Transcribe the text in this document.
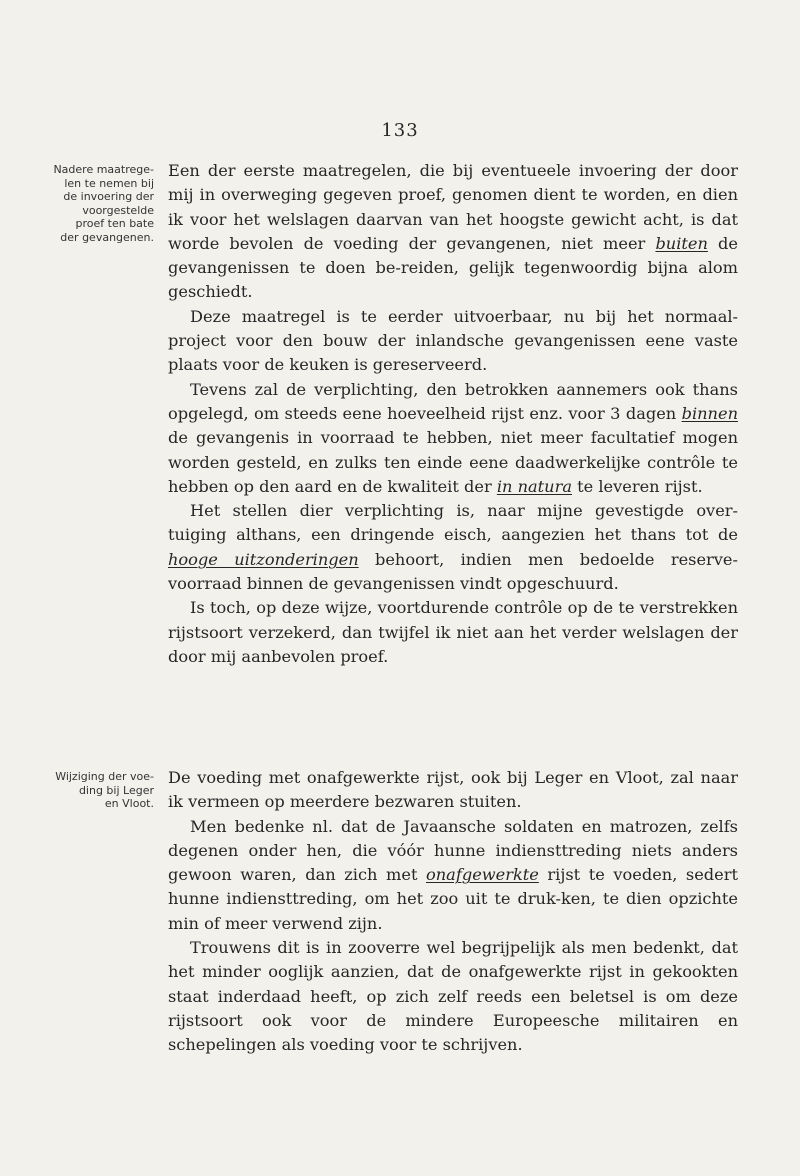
133
Nadere maatrege-
len te nemen bij
de invoering der
voorgestelde
proef ten bate
der gevangenen.

Een der eerste maatregelen, die bij eventueele invoering der door mij in overweging gegeven proef, genomen dient te worden, en dien ik voor het welslagen daarvan van het hoogste gewicht acht, is dat worde bevolen de voeding der gevangenen, niet meer buiten de gevangenissen te doen be-reiden, gelijk tegenwoordig bijna alom geschiedt.

Deze maatregel is te eerder uitvoerbaar, nu bij het normaal-project voor den bouw der inlandsche gevangenissen eene vaste plaats voor de keuken is gereserveerd.

Tevens zal de verplichting, den betrokken aannemers ook thans opgelegd, om steeds eene hoeveelheid rijst enz. voor 3 dagen binnen de gevangenis in voorraad te hebben, niet meer facultatief mogen worden gesteld, en zulks ten einde eene daadwerkelijke contrôle te hebben op den aard en de kwaliteit der in natura te leveren rijst.

Het stellen dier verplichting is, naar mijne gevestigde over-tuiging althans, een dringende eisch, aangezien het thans tot de hooge uitzonderingen behoort, indien men bedoelde reserve-voorraad binnen de gevangenissen vindt opgeschuurd.

Is toch, op deze wijze, voortdurende contrôle op de te verstrekken rijstsoort verzekerd, dan twijfel ik niet aan het verder welslagen der door mij aanbevolen proef.

Wijziging der voe-
ding bij Leger
en Vloot.

De voeding met onafgewerkte rijst, ook bij Leger en Vloot, zal naar ik vermeen op meerdere bezwaren stuiten.

Men bedenke nl. dat de Javaansche soldaten en matrozen, zelfs degenen onder hen, die vóór hunne indiensttreding niets anders gewoon waren, dan zich met onafgewerkte rijst te voeden, sedert hunne indiensttreding, om het zoo uit te druk-ken, te dien opzichte min of meer verwend zijn.

Trouwens dit is in zooverre wel begrijpelijk als men bedenkt, dat het minder ooglijk aanzien, dat de onafgewerkte rijst in gekookten staat inderdaad heeft, op zich zelf reeds een beletsel is om deze rijstsoort ook voor de mindere Europeesche militairen en schepelingen als voeding voor te schrijven.
